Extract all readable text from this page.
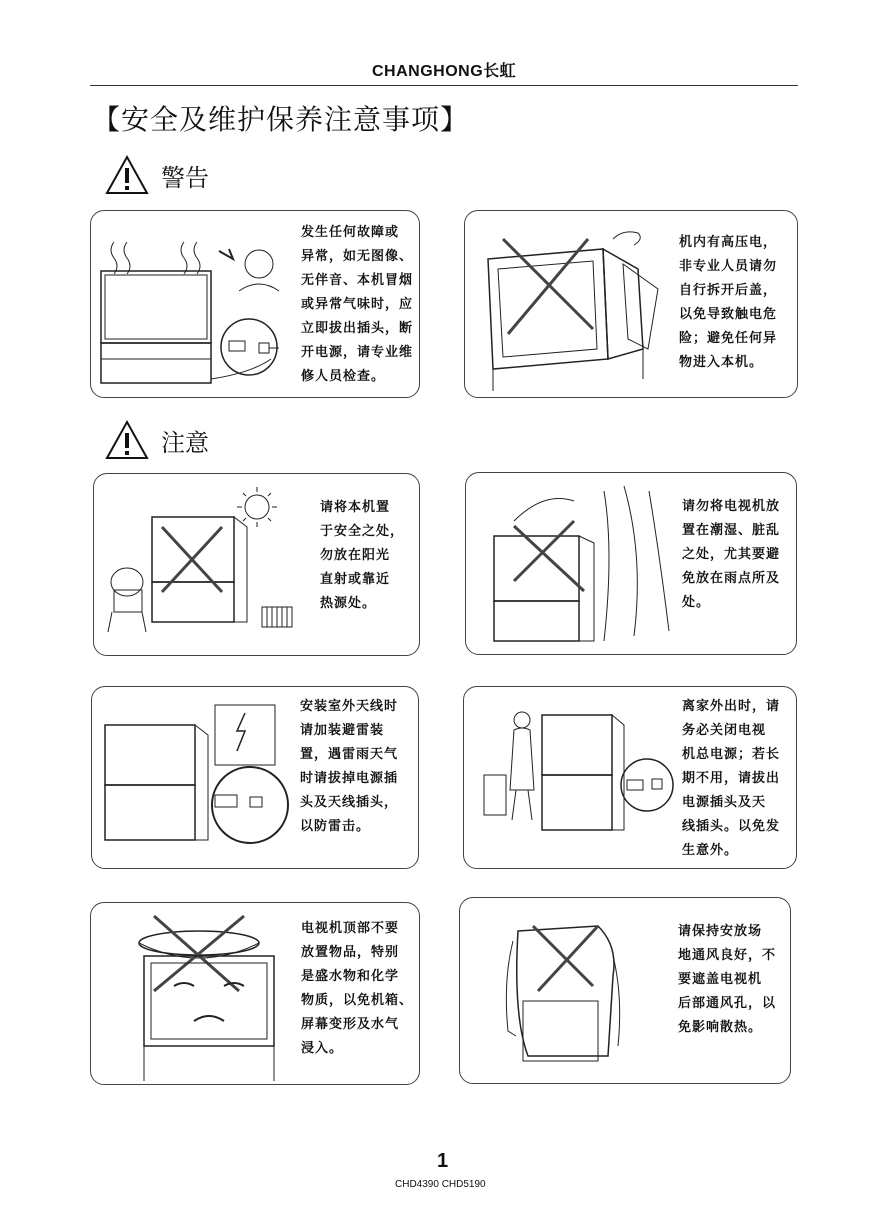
CHANGHONG长虹
【安全及维护保养注意事项】
警告
注意
发生任何故障或
异常，如无图像、
无伴音、本机冒烟
或异常气味时，应
立即拔出插头，断
开电源，请专业维
修人员检查。
机内有高压电，
非专业人员请勿
自行拆开后盖，
以免导致触电危
险；避免任何异
物进入本机。
请将本机置
于安全之处，
勿放在阳光
直射或靠近
热源处。
请勿将电视机放
置在潮湿、脏乱
之处，尤其要避
免放在雨点所及
处。
安装室外天线时
请加装避雷装
置，遇雷雨天气
时请拔掉电源插
头及天线插头，
以防雷击。
离家外出时，请
务必关闭电视
机总电源；若长
期不用，请拔出
电源插头及天
线插头。以免发
生意外。
电视机顶部不要
放置物品，特别
是盛水物和化学
物质，以免机箱、
屏幕变形及水气
浸入。
请保持安放场
地通风良好，不
要遮盖电视机
后部通风孔，以
免影响散热。
1
CHD4390 CHD5190
